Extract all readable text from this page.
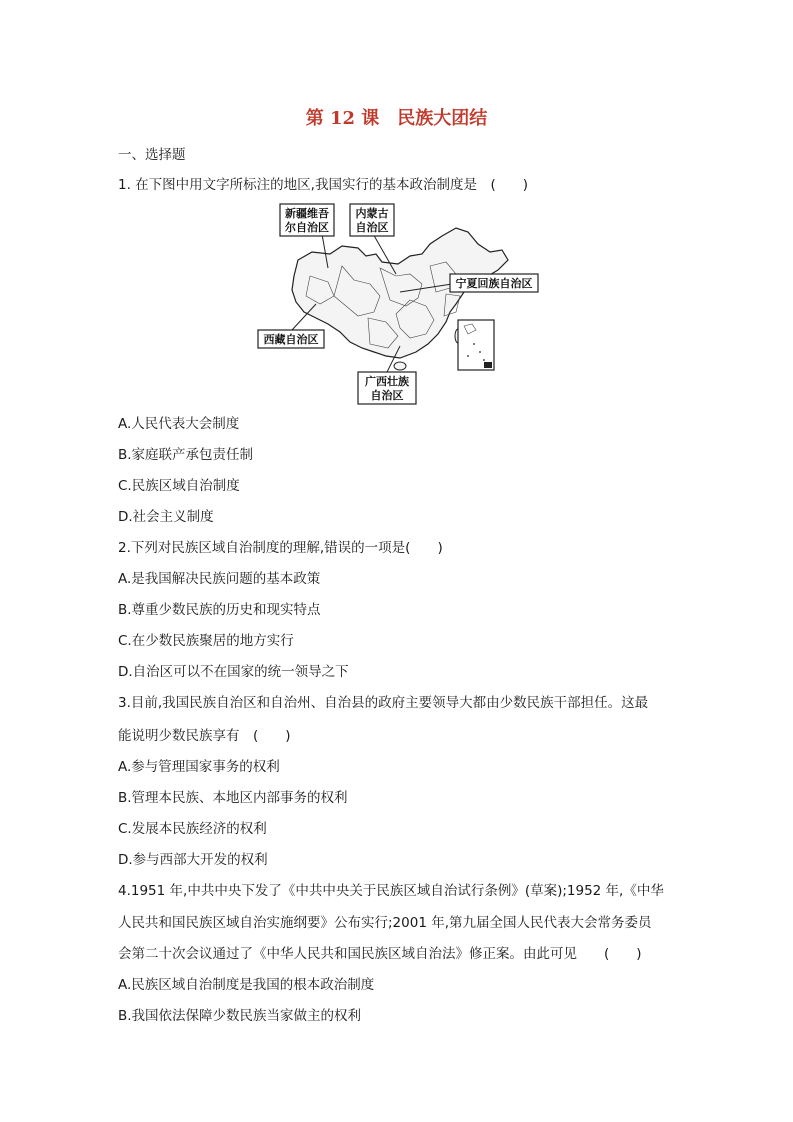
第 12 课 民族大团结
一、选择题
1. 在下图中用文字所标注的地区,我国实行的基本政治制度是　(　　)
新疆维吾
尔自治区
内蒙古
自治区
宁夏回族自治区
西藏自治区
广西壮族
自治区
A.人民代表大会制度
B.家庭联产承包责任制
C.民族区域自治制度
D.社会主义制度
2.下列对民族区域自治制度的理解,错误的一项是(　　)
A.是我国解决民族问题的基本政策
B.尊重少数民族的历史和现实特点
C.在少数民族聚居的地方实行
D.自治区可以不在国家的统一领导之下
3.目前,我国民族自治区和自治州、自治县的政府主要领导大都由少数民族干部担任。这最
能说明少数民族享有　(　　)
A.参与管理国家事务的权利
B.管理本民族、本地区内部事务的权利
C.发展本民族经济的权利
D.参与西部大开发的权利
4.1951 年,中共中央下发了《中共中央关于民族区域自治试行条例》(草案);1952 年,《中华
人民共和国民族区域自治实施纲要》公布实行;2001 年,第九届全国人民代表大会常务委员
会第二十次会议通过了《中华人民共和国民族区域自治法》修正案。由此可见　　(　　)
A.民族区域自治制度是我国的根本政治制度
B.我国依法保障少数民族当家做主的权利
